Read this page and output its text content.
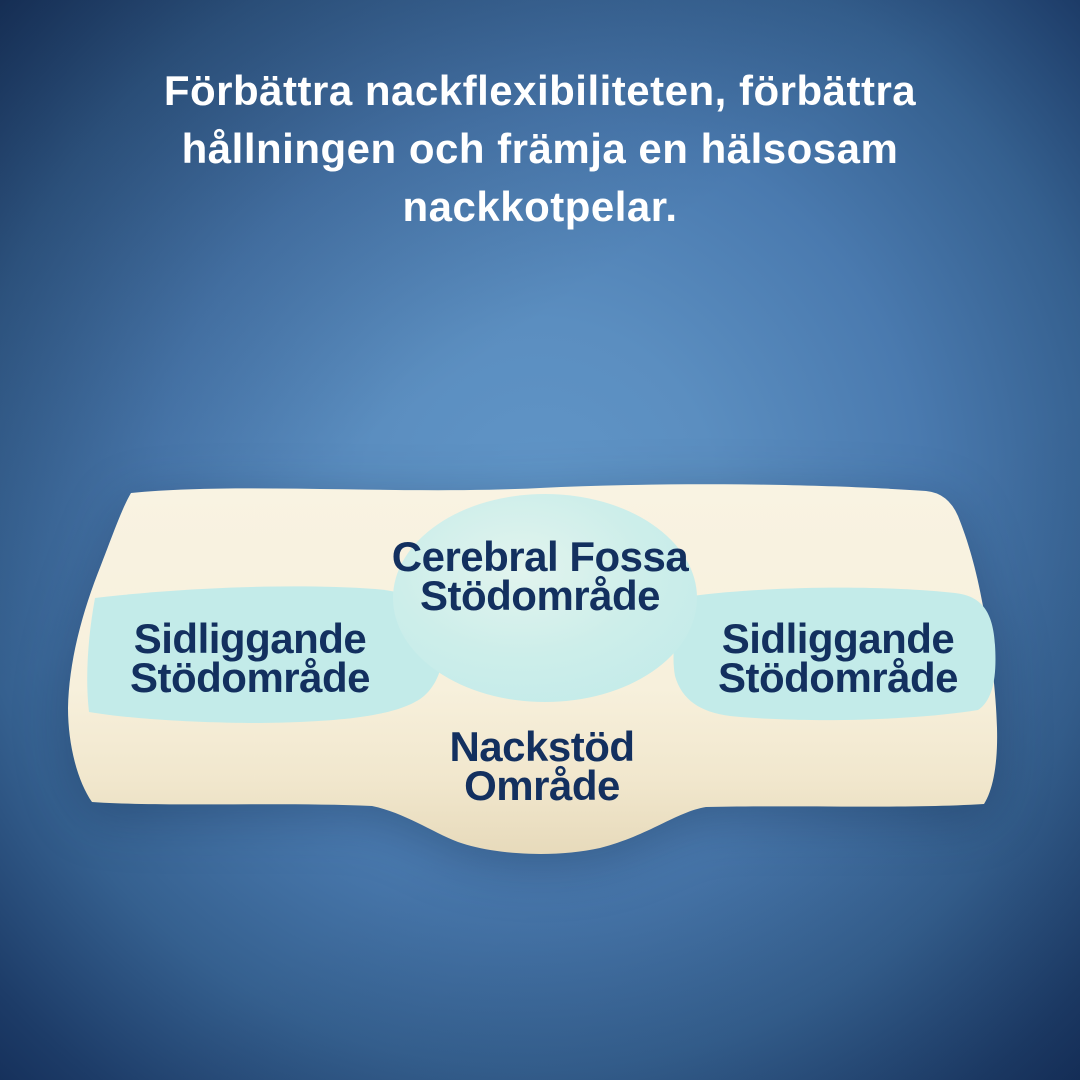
Förbättra nackflexibiliteten, förbättra
hållningen och främja en hälsosam
nackkotpelar.
Cerebral Fossa
Stödområde
Sidliggande
Stödområde
Sidliggande
Stödområde
Nackstöd
Område
